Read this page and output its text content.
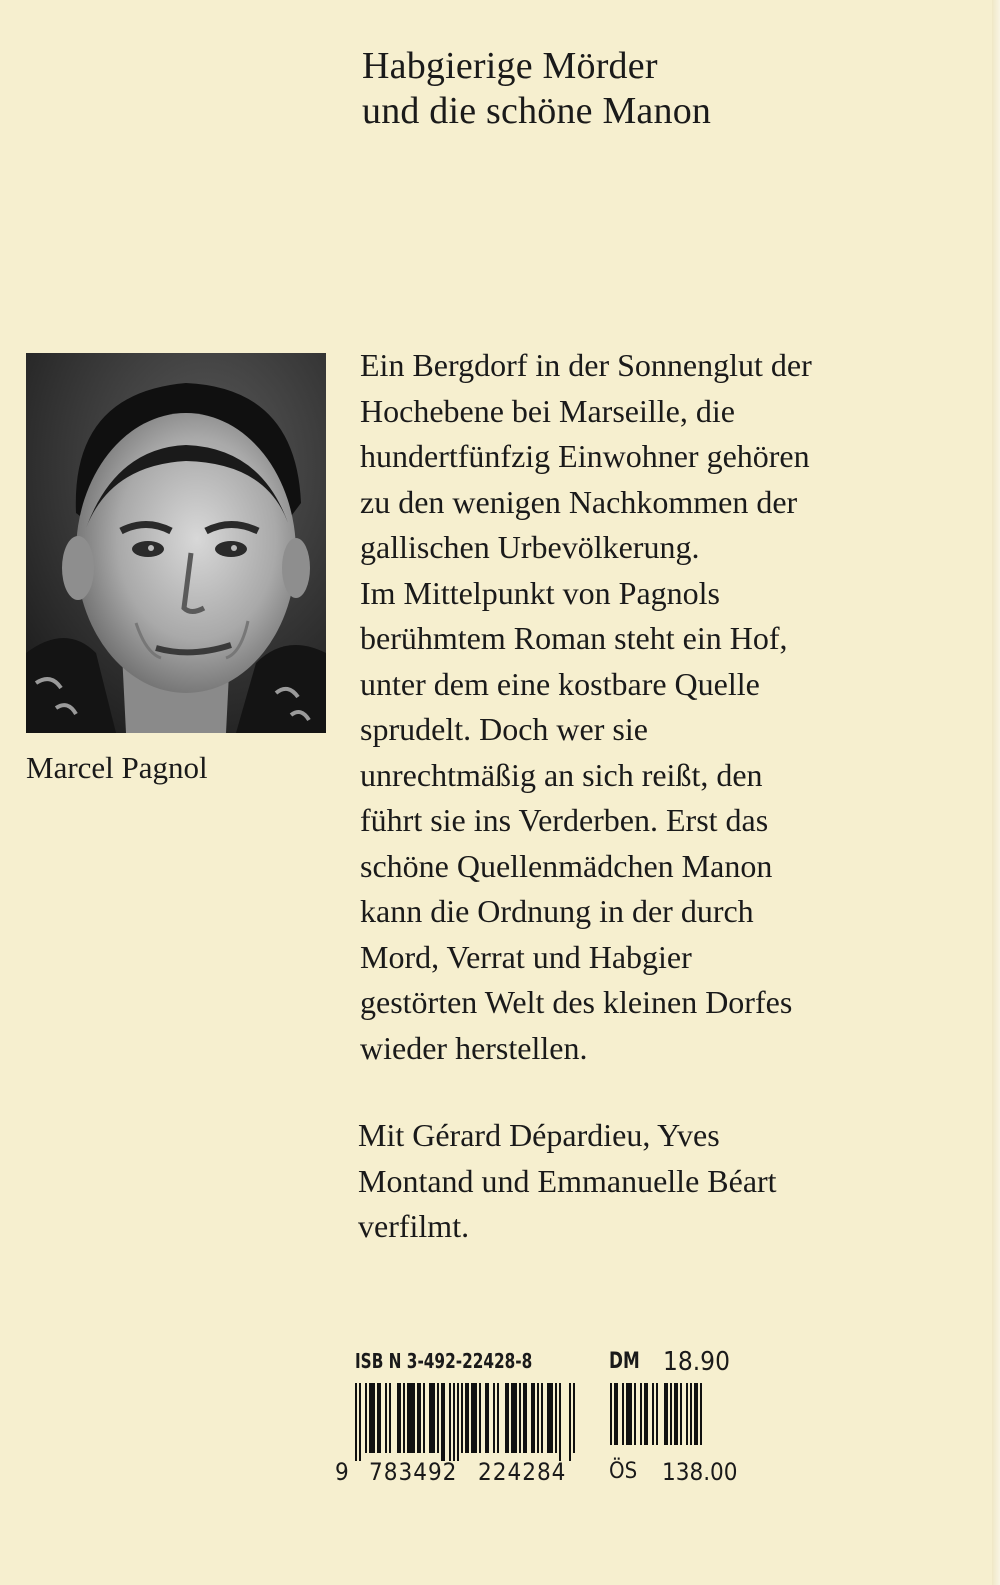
Habgierige Mörder
und die schöne Manon
Marcel Pagnol
Ein Bergdorf in der Sonnenglut der
Hochebene bei Marseille, die
hundertfünfzig Einwohner gehören
zu den wenigen Nachkommen der
gallischen Urbevölkerung.
Im Mittelpunkt von Pagnols
berühmtem Roman steht ein Hof,
unter dem eine kostbare Quelle
sprudelt. Doch wer sie
unrechtmäßig an sich reißt, den
führt sie ins Verderben. Erst das
schöne Quellenmädchen Manon
kann die Ordnung in der durch
Mord, Verrat und Habgier
gestörten Welt des kleinen Dorfes
wieder herstellen.
Mit Gérard Dépardieu, Yves
Montand und Emmanuelle Béart
verfilmt.
ISB N 3-492-22428-8	DM 18.90
9 783492 224284 ÖS 138.00
